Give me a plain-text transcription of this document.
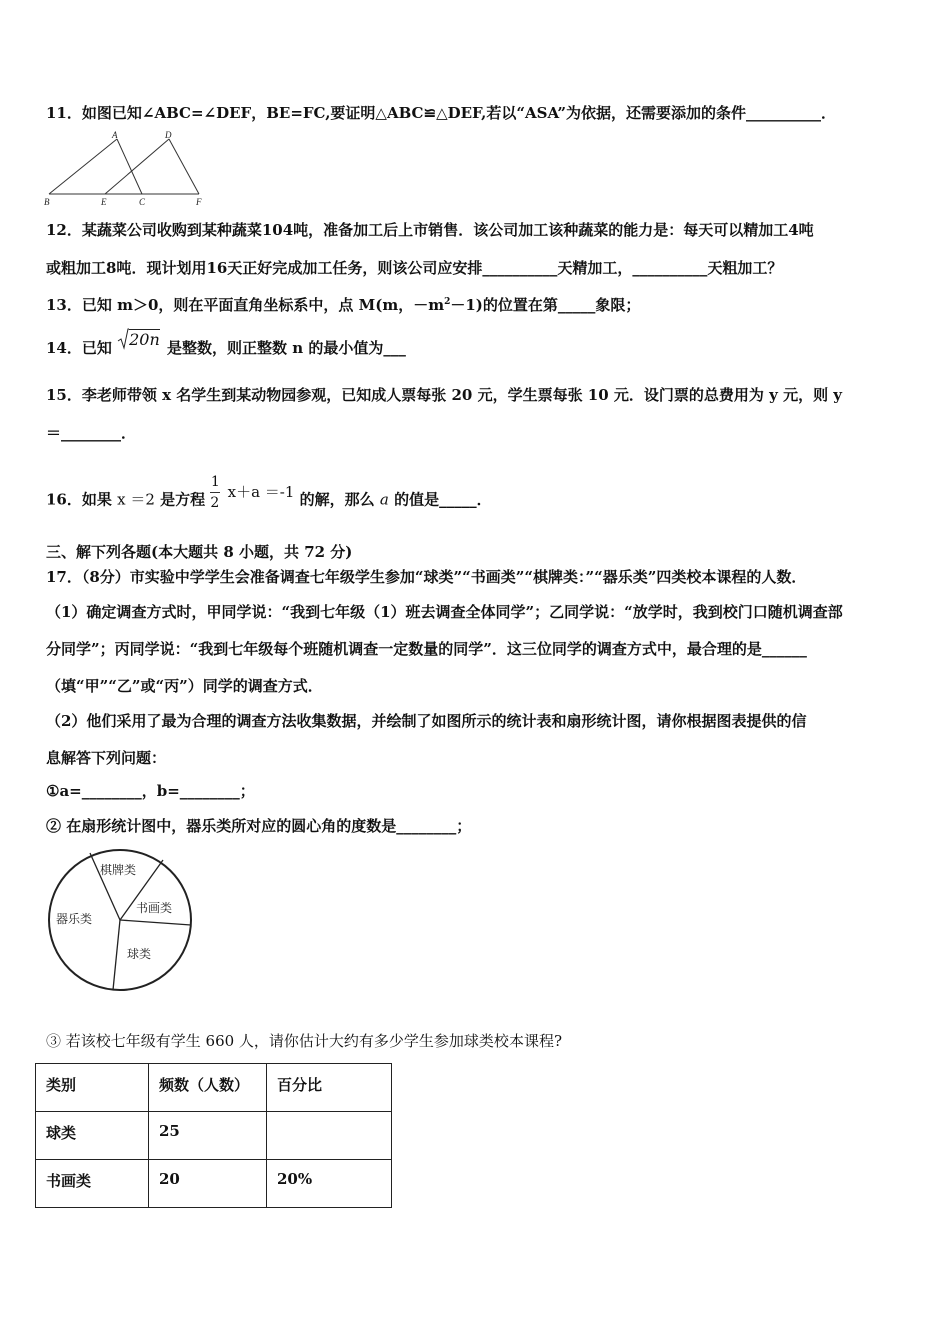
11．如图已知∠ABC=∠DEF，BE=FC,要证明△ABC≌△DEF,若以“ASA”为依据，还需要添加的条件__________．
A	D
B	E	C	F
12．某蔬菜公司收购到某种蔬菜104吨，准备加工后上市销售．该公司加工该种蔬菜的能力是：每天可以精加工4吨
或粗加工8吨．现计划用16天正好完成加工任务，则该公司应安排__________天精加工，__________天粗加工？
13．已知 m＞0，则在平面直角坐标系中，点 M(m，$-m^2-1$)的位置在第_____象限；
14．已知 20n 是整数，则正整数 n 的最小值为___
15．李老师带领 x 名学生到某动物园参观，已知成人票每张 20 元，学生票每张 10 元．设门票的总费用为 y 元，则 y
＝________．
16．如果 x ＝2 是方程 $\frac{1}{2} x+a =-1$ 的解，那么 a 的值是_____．
三、解下列各题(本大题共 8 小题，共 72 分)
17．（8分）市实验中学学生会准备调查七年级学生参加“球类”“书画类”“棋牌类：”“器乐类”四类校本课程的人数．
（1）确定调查方式时，甲同学说：“我到七年级（1）班去调查全体同学”；乙同学说：“放学时，我到校门口随机调查部
分同学”；丙同学说：“我到七年级每个班随机调查一定数量的同学”．这三位同学的调查方式中，最合理的是______
（填“甲”“乙”或“丙”）同学的调查方式．
（2）他们采用了最为合理的调查方法收集数据，并绘制了如图所示的统计表和扇形统计图，请你根据图表提供的信
息解答下列问题：
①a=________，b=________；
② 在扇形统计图中，器乐类所对应的圆心角的度数是________；
棋牌类
书画类
器乐类
球类
③ 若该校七年级有学生 660 人，请你估计大约有多少学生参加球类校本课程?
类别	频数（人数）	百分比
球类	25	
书画类	20	20%
